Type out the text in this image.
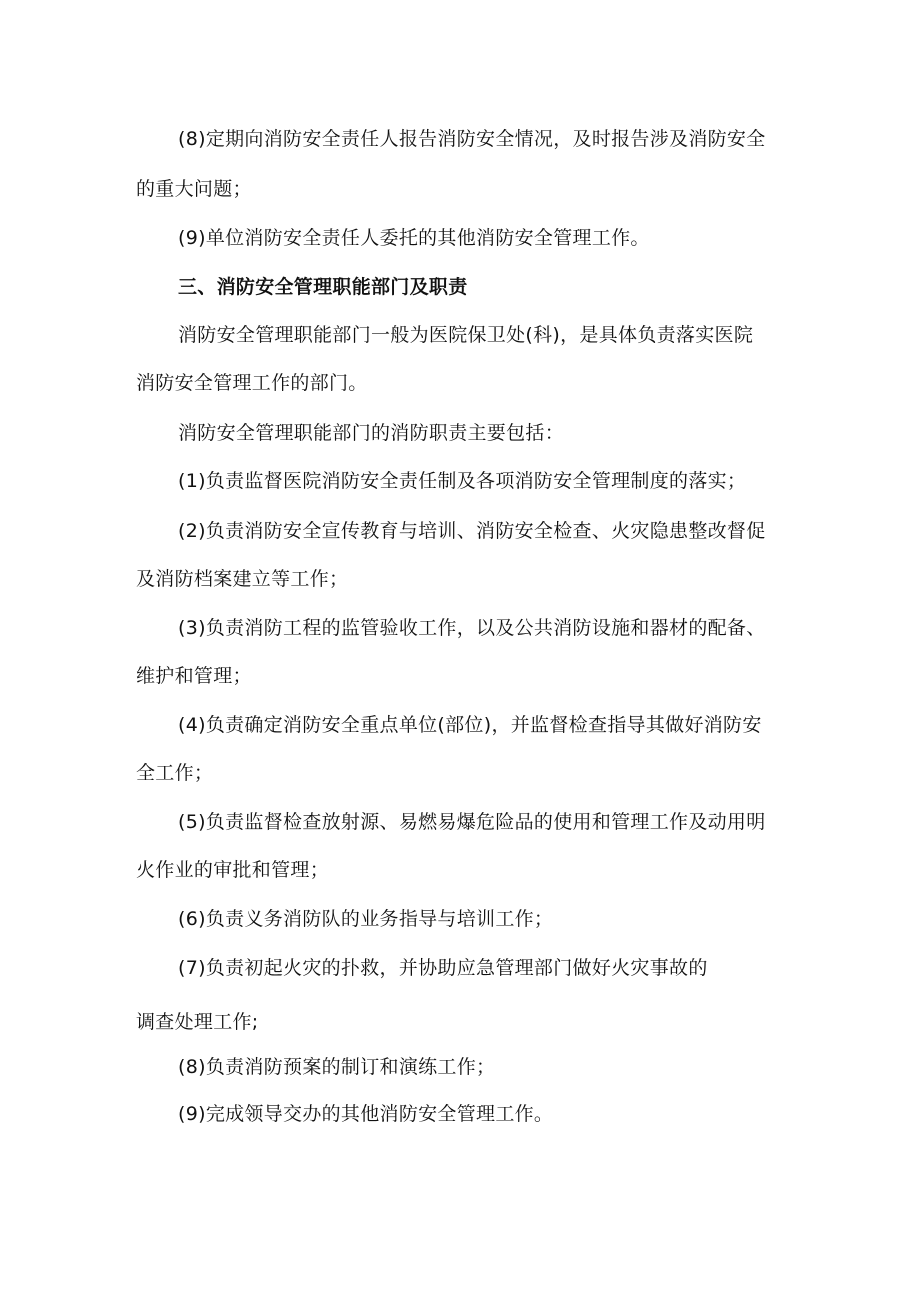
(8)定期向消防安全责任人报告消防安全情况，及时报告涉及消防安全
的重大问题；
(9)单位消防安全责任人委托的其他消防安全管理工作。
三、消防安全管理职能部门及职责
消防安全管理职能部门一般为医院保卫处(科)，是具体负责落实医院
消防安全管理工作的部门。
消防安全管理职能部门的消防职责主要包括：
(1)负责监督医院消防安全责任制及各项消防安全管理制度的落实；
(2)负责消防安全宣传教育与培训、消防安全检查、火灾隐患整改督促
及消防档案建立等工作；
(3)负责消防工程的监管验收工作，以及公共消防设施和器材的配备、
维护和管理；
(4)负责确定消防安全重点单位(部位)，并监督检查指导其做好消防安
全工作；
(5)负责监督检查放射源、易燃易爆危险品的使用和管理工作及动用明
火作业的审批和管理；
(6)负责义务消防队的业务指导与培训工作；
(7)负责初起火灾的扑救，并协助应急管理部门做好火灾事故的
调查处理工作;
(8)负责消防预案的制订和演练工作；
(9)完成领导交办的其他消防安全管理工作。
